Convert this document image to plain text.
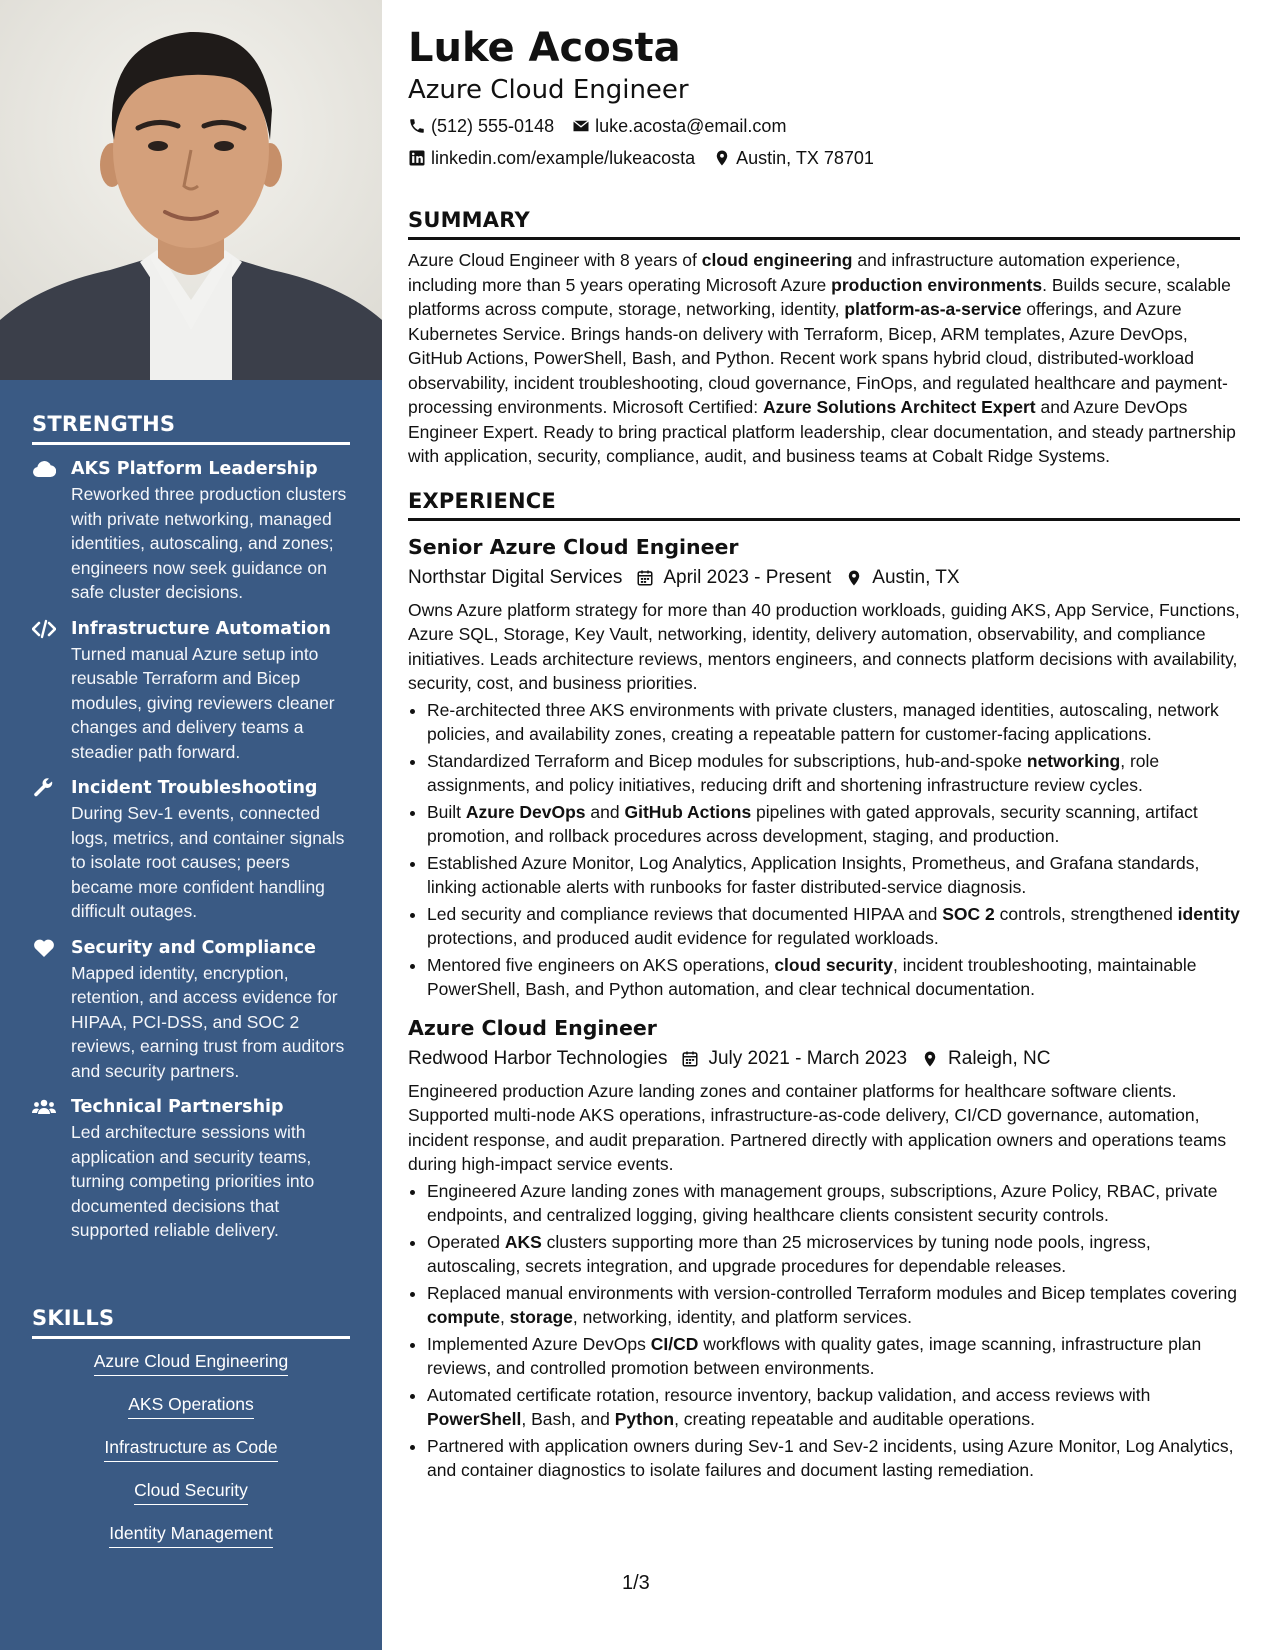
STRENGTHS
AKS Platform Leadership
Reworked three production clusters with private networking, managed identities, autoscaling, and zones; engineers now seek guidance on safe cluster decisions.
Infrastructure Automation
Turned manual Azure setup into reusable Terraform and Bicep modules, giving reviewers cleaner changes and delivery teams a steadier path forward.
Incident Troubleshooting
During Sev-1 events, connected logs, metrics, and container signals to isolate root causes; peers became more confident handling difficult outages.
Security and Compliance
Mapped identity, encryption, retention, and access evidence for HIPAA, PCI-DSS, and SOC 2 reviews, earning trust from auditors and security partners.
Technical Partnership
Led architecture sessions with application and security teams, turning competing priorities into documented decisions that supported reliable delivery.
SKILLS
Azure Cloud Engineering
AKS Operations
Infrastructure as Code
Cloud Security
Identity Management
Luke Acosta
Azure Cloud Engineer
(512) 555-0148 luke.acosta@email.com
linkedin.com/example/lukeacosta Austin, TX 78701
SUMMARY
Azure Cloud Engineer with 8 years of cloud engineering and infrastructure automation experience, including more than 5 years operating Microsoft Azure production environments. Builds secure, scalable platforms across compute, storage, networking, identity, platform-as-a-service offerings, and Azure Kubernetes Service. Brings hands-on delivery with Terraform, Bicep, ARM templates, Azure DevOps, GitHub Actions, PowerShell, Bash, and Python. Recent work spans hybrid cloud, distributed-workload observability, incident troubleshooting, cloud governance, FinOps, and regulated healthcare and payment-processing environments. Microsoft Certified: Azure Solutions Architect Expert and Azure DevOps Engineer Expert. Ready to bring practical platform leadership, clear documentation, and steady partnership with application, security, compliance, audit, and business teams at Cobalt Ridge Systems.
EXPERIENCE
Senior Azure Cloud Engineer
Northstar Digital Services April 2023 - Present Austin, TX
Owns Azure platform strategy for more than 40 production workloads, guiding AKS, App Service, Functions, Azure SQL, Storage, Key Vault, networking, identity, delivery automation, observability, and compliance initiatives. Leads architecture reviews, mentors engineers, and connects platform decisions with availability, security, cost, and business priorities.
• Re-architected three AKS environments with private clusters, managed identities, autoscaling, network policies, and availability zones, creating a repeatable pattern for customer-facing applications.
• Standardized Terraform and Bicep modules for subscriptions, hub-and-spoke networking, role assignments, and policy initiatives, reducing drift and shortening infrastructure review cycles.
• Built Azure DevOps and GitHub Actions pipelines with gated approvals, security scanning, artifact promotion, and rollback procedures across development, staging, and production.
• Established Azure Monitor, Log Analytics, Application Insights, Prometheus, and Grafana standards, linking actionable alerts with runbooks for faster distributed-service diagnosis.
• Led security and compliance reviews that documented HIPAA and SOC 2 controls, strengthened identity protections, and produced audit evidence for regulated workloads.
• Mentored five engineers on AKS operations, cloud security, incident troubleshooting, maintainable PowerShell, Bash, and Python automation, and clear technical documentation.
Azure Cloud Engineer
Redwood Harbor Technologies July 2021 - March 2023 Raleigh, NC
Engineered production Azure landing zones and container platforms for healthcare software clients. Supported multi-node AKS operations, infrastructure-as-code delivery, CI/CD governance, automation, incident response, and audit preparation. Partnered directly with application owners and operations teams during high-impact service events.
• Engineered Azure landing zones with management groups, subscriptions, Azure Policy, RBAC, private endpoints, and centralized logging, giving healthcare clients consistent security controls.
• Operated AKS clusters supporting more than 25 microservices by tuning node pools, ingress, autoscaling, secrets integration, and upgrade procedures for dependable releases.
• Replaced manual environments with version-controlled Terraform modules and Bicep templates covering compute, storage, networking, identity, and platform services.
• Implemented Azure DevOps CI/CD workflows with quality gates, image scanning, infrastructure plan reviews, and controlled promotion between environments.
• Automated certificate rotation, resource inventory, backup validation, and access reviews with PowerShell, Bash, and Python, creating repeatable and auditable operations.
• Partnered with application owners during Sev-1 and Sev-2 incidents, using Azure Monitor, Log Analytics, and container diagnostics to isolate failures and document lasting remediation.
1/3
